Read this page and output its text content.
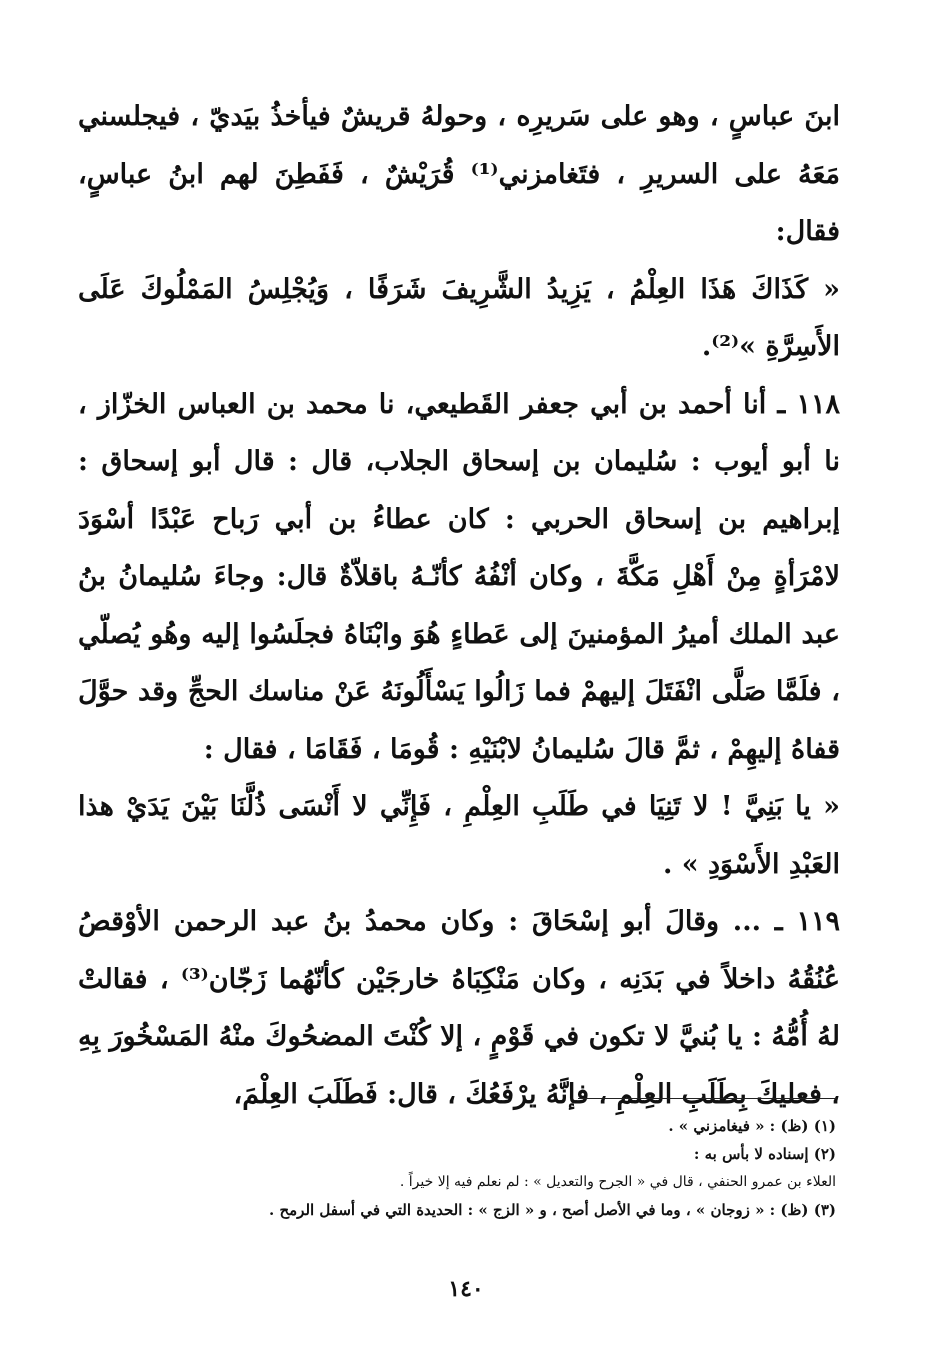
ابنَ عباسٍ ، وهو على سَريرِه ، وحولهُ قريشٌ فيأخذُ بيَديّ ، فيجلسني مَعَهُ على السريرِ ، فتَغامزني⁽¹⁾ قُرَيْشٌ ، فَفَطِنَ لهم ابنُ عباسٍ، فقال:

« كَذَاكَ هَذَا العِلْمُ ، يَزِيدُ الشَّرِيفَ شَرَفًا ، وَيُجْلِسُ المَمْلُوكَ عَلَى الأَسِرَّةِ »⁽²⁾.

١١٨ ـ أنا أحمد بن أبي جعفر القَطيعي، نا محمد بن العباس الخزّاز ، نا أبو أيوب : سُليمان بن إسحاق الجلاب، قال : قال أبو إسحاق : إبراهيم بن إسحاق الحربي : كان عطاءُ بن أبي رَباح عَبْدًا أسْوَدَ لامْرَأةٍ مِنْ أَهْلِ مَكَّةَ ، وكان أنْفُهُ كأنّـهُ باقلاّةٌ قال: وجاءَ سُليمانُ بنُ عبد الملك أميرُ المؤمنينَ إلى عَطاءٍ هُوَ وابْنَاهُ فجلَسُوا إليه وهُو يُصلّي ، فلَمَّا صَلَّى انْفَتَلَ إليهمْ فما زَالُوا يَسْأَلُونَهُ عَنْ مناسك الحجِّ وقد حوَّلَ قفاهُ إليهِمْ ، ثمَّ قالَ سُليمانُ لابْنَيْهِ : قُومَا ، فَقَامَا ، فقال :

« يا بَنِيَّ ! لا تَنِيَا في طَلَبِ العِلْمِ ، فَإِنِّي لا أَنْسَى ذُلَّنَا بَيْنَ يَدَيْ هذا العَبْدِ الأَسْوَدِ » .

١١٩ ـ ... وقالَ أبو إسْحَاقَ : وكان محمدُ بنُ عبد الرحمن الأوْقصُ عُنُقُهُ داخلاً في بَدَنِه ، وكان مَنْكِبَاهُ خارجَيْن كأنّهُما زَجّان⁽³⁾ ، فقالتْ لهُ أُمُّهُ : يا بُنيَّ لا تكون في قَوْمٍ ، إلا كُنْتَ المضحُوكَ منْهُ المَسْخُورَ بِهِ ، فعليكَ بِطَلَبِ العِلْمِ ، فإنَّهُ يرْفَعُكَ ، قال: فَطَلَبَ العِلْمَ،

(١) (ظ) : « فيغامزني » .
(٢) إسناده لا بأس به :
العلاء بن عمرو الحنفي ، قال في « الجرح والتعديل » : لم نعلم فيه إلا خيراً .
(٣) (ظ) : « زوجان » ، وما في الأصل أصح ، و « الزج » : الحديدة التي في أسفل الرمح .
١٤٠
